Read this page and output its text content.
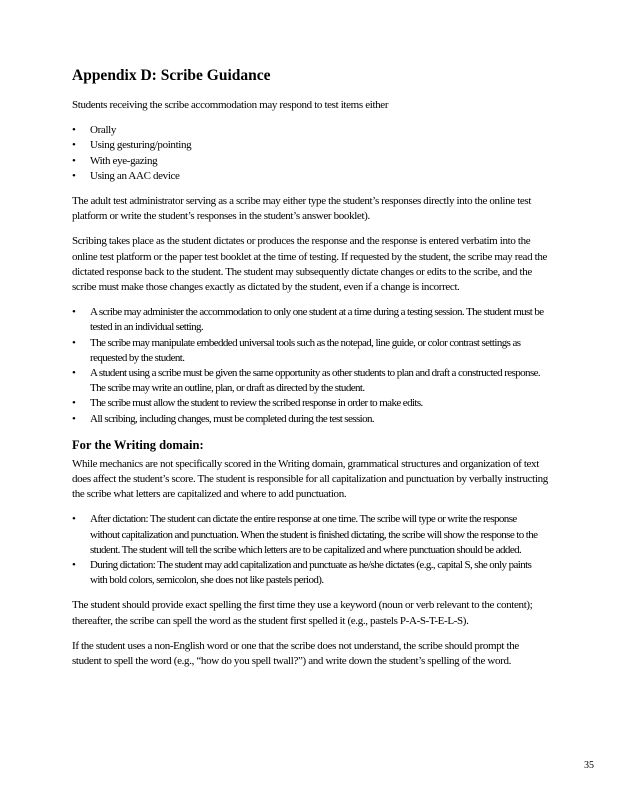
Appendix D: Scribe Guidance

Students receiving the scribe accommodation may respond to test items either

• Orally
• Using gesturing/pointing
• With eye-gazing
• Using an AAC device

The adult test administrator serving as a scribe may either type the student’s responses directly into the online test platform or write the student’s responses in the student’s answer booklet).

Scribing takes place as the student dictates or produces the response and the response is entered verbatim into the online test platform or the paper test booklet at the time of testing. If requested by the student, the scribe may read the dictated response back to the student. The student may subsequently dictate changes or edits to the scribe, and the scribe must make those changes exactly as dictated by the student, even if a change is incorrect.

• A scribe may administer the accommodation to only one student at a time during a testing session. The student must be tested in an individual setting.
• The scribe may manipulate embedded universal tools such as the notepad, line guide, or color contrast settings as requested by the student.
• A student using a scribe must be given the same opportunity as other students to plan and draft a constructed response. The scribe may write an outline, plan, or draft as directed by the student.
• The scribe must allow the student to review the scribed response in order to make edits.
• All scribing, including changes, must be completed during the test session.
For the Writing domain:

While mechanics are not specifically scored in the Writing domain, grammatical structures and organization of text does affect the student’s score. The student is responsible for all capitalization and punctuation by verbally instructing the scribe what letters are capitalized and where to add punctuation.

• After dictation: The student can dictate the entire response at one time. The scribe will type or write the response without capitalization and punctuation. When the student is finished dictating, the scribe will show the response to the student. The student will tell the scribe which letters are to be capitalized and where punctuation should be added.
• During dictation: The student may add capitalization and punctuate as he/she dictates (e.g., capital S, she only paints with bold colors, semicolon, she does not like pastels period).

The student should provide exact spelling the first time they use a keyword (noun or verb relevant to the content); thereafter, the scribe can spell the word as the student first spelled it (e.g., pastels P-A-S-T-E-L-S).

If the student uses a non-English word or one that the scribe does not understand, the scribe should prompt the student to spell the word (e.g., “how do you spell twall?”) and write down the student’s spelling of the word.

35
